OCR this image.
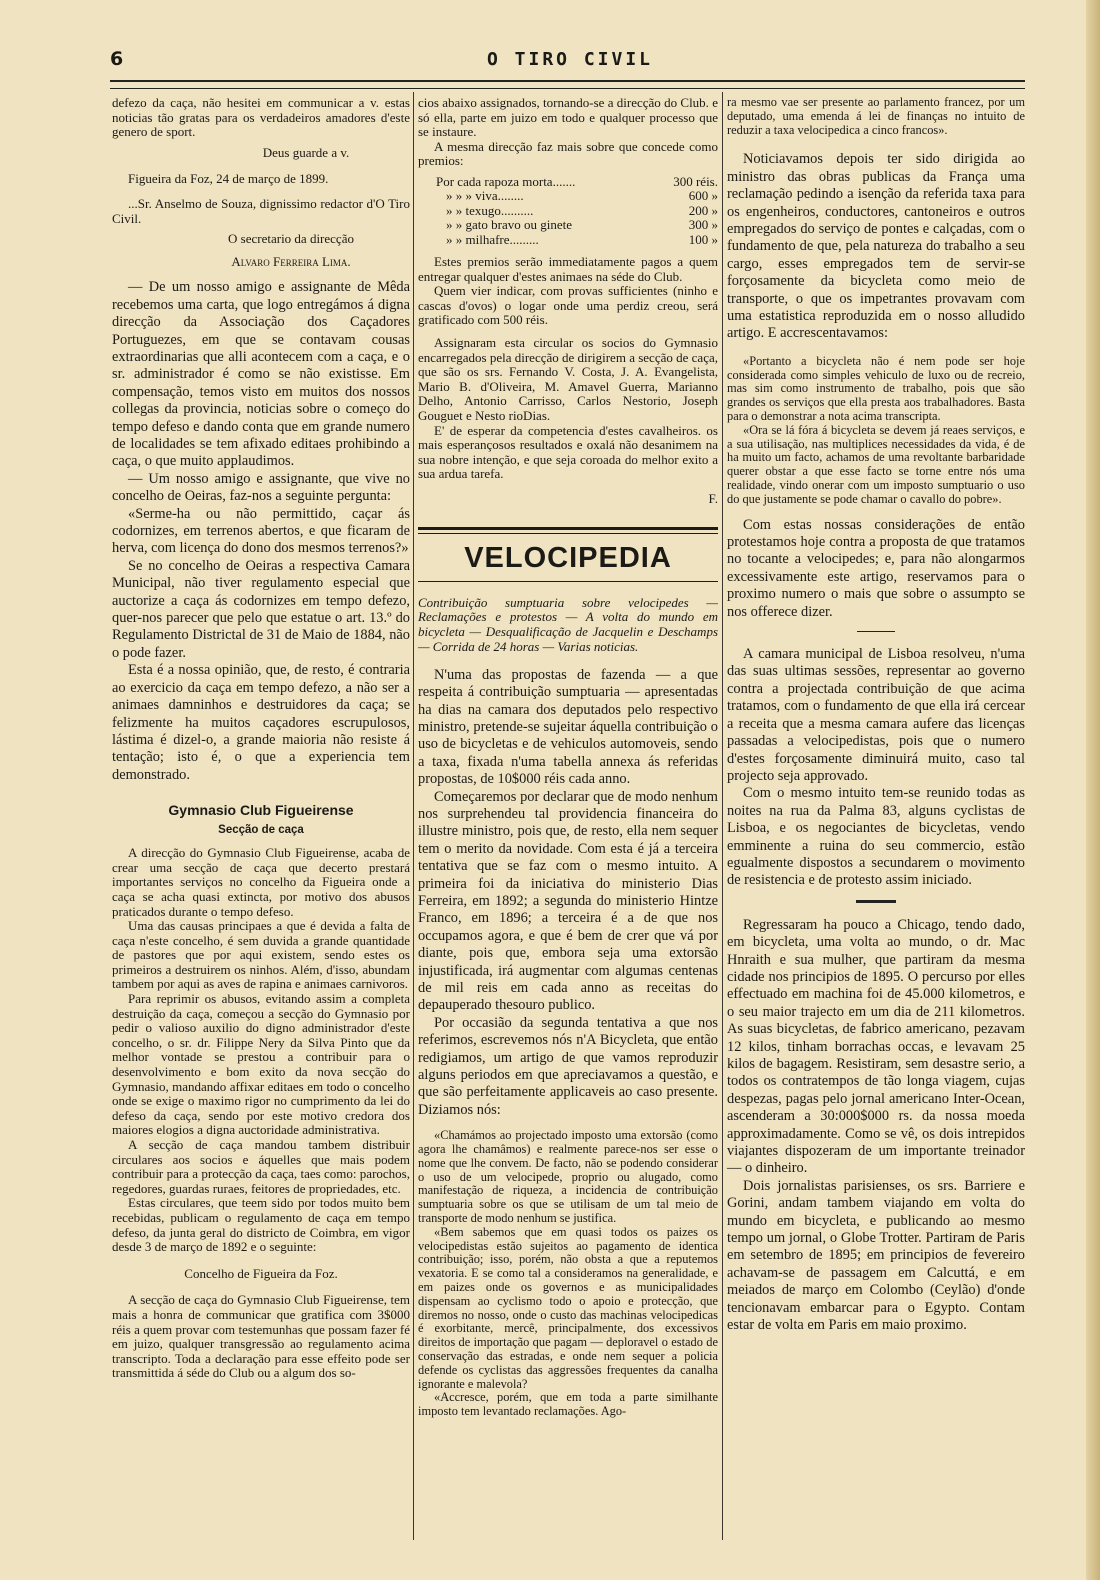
6	O TIRO CIVIL

defezo da caça, não hesitei em communicar a v. estas noticias tão gratas para os verdadeiros amadores d'este genero de sport.

Deus guarde a v.

Figueira da Foz, 24 de março de 1899.

...Sr. Anselmo de Souza, dignissimo redactor d'O Tiro Civil.

O secretario da direcção

Alvaro Ferreira Lima.

— De um nosso amigo e assignante de Mêda recebemos uma carta, que logo entregámos á digna direcção da Associação dos Caçadores Portuguezes, em que se contavam cousas extraordinarias que alli acontecem com a caça, e o sr. administrador é como se não existisse. Em compensação, temos visto em muitos dos nossos collegas da provincia, noticias sobre o começo do tempo defeso e dando conta que em grande numero de localidades se tem afixado editaes prohibindo a caça, o que muito applaudimos.

— Um nosso amigo e assignante, que vive no concelho de Oeiras, faz-nos a seguinte pergunta:

«Serme-ha ou não permittido, caçar ás codornizes, em terrenos abertos, e que ficaram de herva, com licença do dono dos mesmos terrenos?»

Se no concelho de Oeiras a respectiva Camara Municipal, não tiver regulamento especial que auctorize a caça ás codornizes em tempo defezo, quer-nos parecer que pelo que estatue o art. 13.º do Regulamento Districtal de 31 de Maio de 1884, não o pode fazer.

Esta é a nossa opinião, que, de resto, é contraria ao exercicio da caça em tempo defezo, a não ser a animaes damninhos e destruidores da caça; se felizmente ha muitos caçadores escrupulosos, lástima é dizel-o, a grande maioria não resiste á tentação; isto é, o que a experiencia tem demonstrado.

Gymnasio Club Figueirense
Secção de caça

A direcção do Gymnasio Club Figueirense, acaba de crear uma secção de caça que decerto prestará importantes serviços no concelho da Figueira onde a caça se acha quasi extincta, por motivo dos abusos praticados durante o tempo defeso.

Uma das causas principaes a que é devida a falta de caça n'este concelho, é sem duvida a grande quantidade de pastores que por aqui existem, sendo estes os primeiros a destruirem os ninhos. Além, d'isso, abundam tambem por aqui as aves de rapina e animaes carnivoros.

Para reprimir os abusos, evitando assim a completa destruição da caça, começou a secção do Gymnasio por pedir o valioso auxilio do digno administrador d'este concelho, o sr. dr. Filippe Nery da Silva Pinto que da melhor vontade se prestou a contribuir para o desenvolvimento e bom exito da nova secção do Gymnasio, mandando affixar editaes em todo o concelho onde se exige o maximo rigor no cumprimento da lei do defeso da caça, sendo por este motivo credora dos maiores elogios a digna auctoridade administrativa.

A secção de caça mandou tambem distribuir circulares aos socios e áquelles que mais podem contribuir para a protecção da caça, taes como: parochos, regedores, guardas ruraes, feitores de propriedades, etc.

Estas circulares, que teem sido por todos muito bem recebidas, publicam o regulamento de caça em tempo defeso, da junta geral do districto de Coimbra, em vigor desde 3 de março de 1892 e o seguinte:

Concelho de Figueira da Foz.

A secção de caça do Gymnasio Club Figueirense, tem mais a honra de communicar que gratifica com 3$000 réis a quem provar com testemunhas que possam fazer fé em juizo, qualquer transgressão ao regulamento acima transcripto. Toda a declaração para esse effeito pode ser transmittida á séde do Club ou a algum dos so-

cios abaixo assignados, tornando-se a direcção do Club. e só ella, parte em juizo em todo e qualquer processo que se instaure.

A mesma direcção faz mais sobre que concede como premios:

Por cada rapoza morta.......	300 réis.
» » » viva........	600 »
» » texugo..........	200 »
» » gato bravo ou ginete	300 »
» » milhafre.........	100 »

Estes premios serão immediatamente pagos a quem entregar qualquer d'estes animaes na séde do Club.

Quem vier indicar, com provas sufficientes (ninho e cascas d'ovos) o logar onde uma perdiz creou, será gratificado com 500 réis.

Assignaram esta circular os socios do Gymnasio encarregados pela direcção de dirigirem a secção de caça, que são os srs. Fernando V. Costa, J. A. Evangelista, Mario B. d'Oliveira, M. Amavel Guerra, Marianno Delho, Antonio Carrisso, Carlos Nestorio, Joseph Gouguet e Nesto rioDias.

E' de esperar da competencia d'estes cavalheiros. os mais esperançosos resultados e oxalá não desanimem na sua nobre intenção, e que seja coroada do melhor exito a sua ardua tarefa.

F.

VELOCIPEDIA

Contribuição sumptuaria sobre velocipedes — Reclamações e protestos — A volta do mundo em bicycleta — Desqualificação de Jacquelin e Deschamps — Corrida de 24 horas — Varias noticias.

N'uma das propostas de fazenda — a que respeita á contribuição sumptuaria — apresentadas ha dias na camara dos deputados pelo respectivo ministro, pretende-se sujeitar áquella contribuição o uso de bicycletas e de vehiculos automoveis, sendo a taxa, fixada n'uma tabella annexa ás referidas propostas, de 10$000 réis cada anno.

Começaremos por declarar que de modo nenhum nos surprehendeu tal providencia financeira do illustre ministro, pois que, de resto, ella nem sequer tem o merito da novidade. Com esta é já a terceira tentativa que se faz com o mesmo intuito. A primeira foi da iniciativa do ministerio Dias Ferreira, em 1892; a segunda do ministerio Hintze Franco, em 1896; a terceira é a de que nos occupamos agora, e que é bem de crer que vá por diante, pois que, embora seja uma extorsão injustificada, irá augmentar com algumas centenas de mil reis em cada anno as receitas do depauperado thesouro publico.

Por occasião da segunda tentativa a que nos referimos, escrevemos nós n'A Bicycleta, que então redigiamos, um artigo de que vamos reproduzir alguns periodos em que apreciavamos a questão, e que são perfeitamente applicaveis ao caso presente. Diziamos nós:

«Chamámos ao projectado imposto uma extorsão (como agora lhe chamâmos) e realmente parece-nos ser esse o nome que lhe convem. De facto, não se podendo considerar o uso de um velocipede, proprio ou alugado, como manifestação de riqueza, a incidencia de contribuição sumptuaria sobre os que se utilisam de um tal meio de transporte de modo nenhum se justifica.

«Bem sabemos que em quasi todos os paizes os velocipedistas estão sujeitos ao pagamento de identica contribuição; isso, porém, não obsta a que a reputemos vexatoria. E se como tal a consideramos na generalidade, e em paizes onde os governos e as municipalidades dispensam ao cyclismo todo o apoio e protecção, que diremos no nosso, onde o custo das machinas velocipedicas é exorbitante, mercê, principalmente, dos excessivos direitos de importação que pagam — deploravel o estado de conservação das estradas, e onde nem sequer a policia defende os cyclistas das aggressões frequentes da canalha ignorante e malevola?

«Accresce, porém, que em toda a parte similhante imposto tem levantado reclamações. Ago-

ra mesmo vae ser presente ao parlamento francez, por um deputado, uma emenda á lei de finanças no intuito de reduzir a taxa velocipedica a cinco francos».

Noticiavamos depois ter sido dirigida ao ministro das obras publicas da França uma reclamação pedindo a isenção da referida taxa para os engenheiros, conductores, cantoneiros e outros empregados do serviço de pontes e calçadas, com o fundamento de que, pela natureza do trabalho a seu cargo, esses empregados tem de servir-se forçosamente da bicycleta como meio de transporte, o que os impetrantes provavam com uma estatistica reproduzida em o nosso alludido artigo. E accrescentavamos:

«Portanto a bicycleta não é nem pode ser hoje considerada como simples vehiculo de luxo ou de recreio, mas sim como instrumento de trabalho, pois que são grandes os serviços que ella presta aos trabalhadores. Basta para o demonstrar a nota acima transcripta.

«Ora se lá fóra á bicycleta se devem já reaes serviços, e a sua utilisação, nas multiplices necessidades da vida, é de ha muito um facto, achamos de uma revoltante barbaridade querer obstar a que esse facto se torne entre nós uma realidade, vindo onerar com um imposto sumptuario o uso do que justamente se pode chamar o cavallo do pobre».

Com estas nossas considerações de então protestamos hoje contra a proposta de que tratamos no tocante a velocipedes; e, para não alongarmos excessivamente este artigo, reservamos para o proximo numero o mais que sobre o assumpto se nos offerece dizer.

A camara municipal de Lisboa resolveu, n'uma das suas ultimas sessões, representar ao governo contra a projectada contribuição de que acima tratamos, com o fundamento de que ella irá cercear a receita que a mesma camara aufere das licenças passadas a velocipedistas, pois que o numero d'estes forçosamente diminuirá muito, caso tal projecto seja approvado.

Com o mesmo intuito tem-se reunido todas as noites na rua da Palma 83, alguns cyclistas de Lisboa, e os negociantes de bicycletas, vendo emminente a ruina do seu commercio, estão egualmente dispostos a secundarem o movimento de resistencia e de protesto assim iniciado.

Regressaram ha pouco a Chicago, tendo dado, em bicycleta, uma volta ao mundo, o dr. Mac Hnraith e sua mulher, que partiram da mesma cidade nos principios de 1895. O percurso por elles effectuado em machina foi de 45.000 kilometros, e o seu maior trajecto em um dia de 211 kilometros. As suas bicycletas, de fabrico americano, pezavam 12 kilos, tinham borrachas occas, e levavam 25 kilos de bagagem. Resistiram, sem desastre serio, a todos os contratempos de tão longa viagem, cujas despezas, pagas pelo jornal americano Inter-Ocean, ascenderam a 30:000$000 rs. da nossa moeda approximadamente. Como se vê, os dois intrepidos viajantes dispozeram de um importante treinador — o dinheiro.

Dois jornalistas parisienses, os srs. Barriere e Gorini, andam tambem viajando em volta do mundo em bicycleta, e publicando ao mesmo tempo um jornal, o Globe Trotter. Partiram de Paris em setembro de 1895; em principios de fevereiro achavam-se de passagem em Calcuttá, e em meiados de março em Colombo (Ceylão) d'onde tencionavam embarcar para o Egypto. Contam estar de volta em Paris em maio proximo.
